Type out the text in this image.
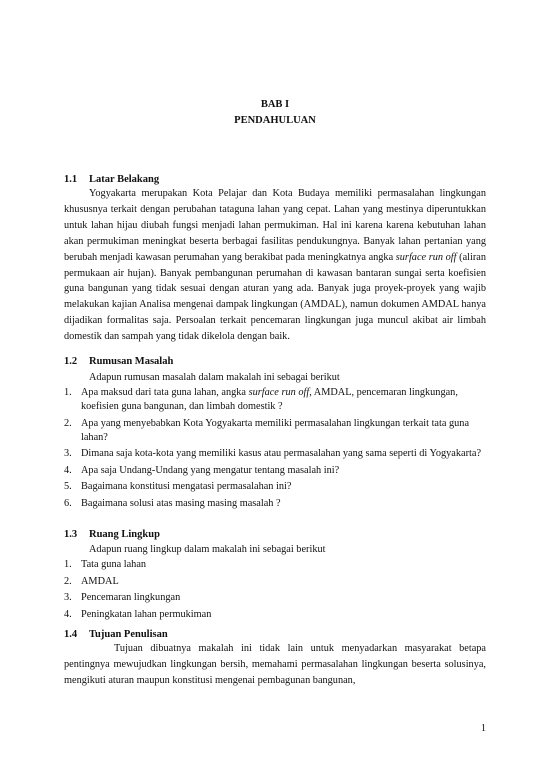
BAB I
PENDAHULUAN
1.1 Latar Belakang

Yogyakarta merupakan Kota Pelajar dan Kota Budaya memiliki permasalahan lingkungan khususnya terkait dengan perubahan tataguna lahan yang cepat. Lahan yang mestinya diperuntukkan untuk lahan hijau diubah fungsi menjadi lahan permukiman. Hal ini karena karena kebutuhan lahan akan permukiman meningkat beserta berbagai fasilitas pendukungnya. Banyak lahan pertanian yang berubah menjadi kawasan perumahan yang berakibat pada meningkatnya angka surface run off (aliran permukaan air hujan). Banyak pembangunan perumahan di kawasan bantaran sungai serta koefisien guna bangunan yang tidak sesuai dengan aturan yang ada. Banyak juga proyek-proyek yang wajib melakukan kajian Analisa mengenai dampak lingkungan (AMDAL), namun dokumen AMDAL hanya dijadikan formalitas saja. Persoalan terkait pencemaran lingkungan juga muncul akibat air limbah domestik dan sampah yang tidak dikelola dengan baik.

1.2 Rumusan Masalah
Adapun rumusan masalah dalam makalah ini sebagai berikut
1. Apa maksud dari tata guna lahan, angka surface run off, AMDAL, pencemaran lingkungan, koefisien guna bangunan, dan limbah domestik ?
2. Apa yang menyebabkan Kota Yogyakarta memiliki permasalahan lingkungan terkait tata guna lahan?
3. Dimana saja kota-kota yang memiliki kasus atau permasalahan yang sama seperti di Yogyakarta?
4. Apa saja Undang-Undang yang mengatur tentang masalah ini?
5. Bagaimana konstitusi mengatasi permasalahan ini?
6. Bagaimana solusi atas masing masing masalah ?
1.3 Ruang Lingkup
Adapun ruang lingkup dalam makalah ini sebagai berikut
1. Tata guna lahan
2. AMDAL
3. Pencemaran lingkungan
4. Peningkatan lahan permukiman
1.4 Tujuan Penulisan

Tujuan dibuatnya makalah ini tidak lain untuk menyadarkan masyarakat betapa pentingnya mewujudkan lingkungan bersih, memahami permasalahan lingkungan beserta solusinya, mengikuti aturan maupun konstitusi mengenai pembagunan bangunan,

1
